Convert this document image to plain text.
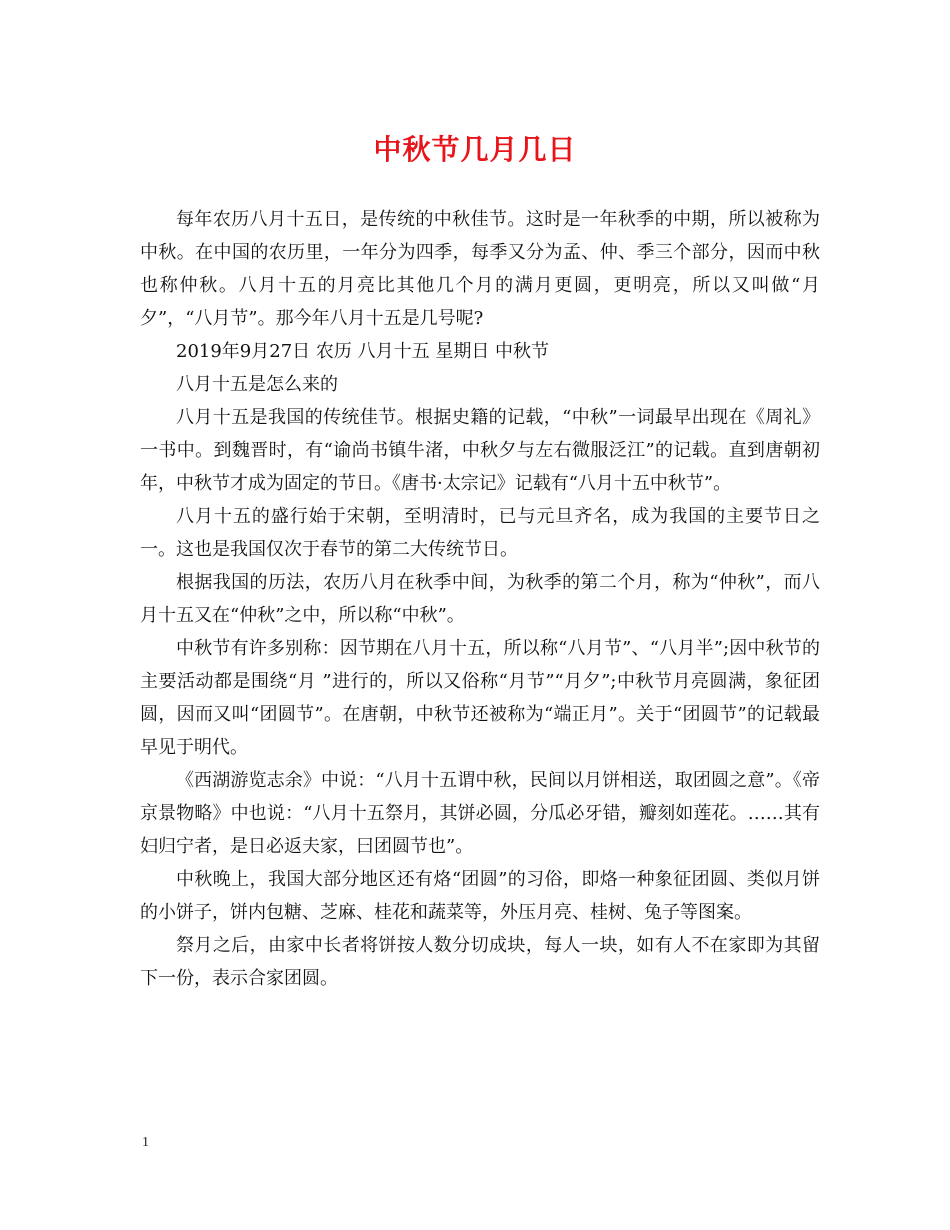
中秋节几月几日

每年农历八月十五日，是传统的中秋佳节。这时是一年秋季的中期，所以被称为中秋。在中国的农历里，一年分为四季，每季又分为孟、仲、季三个部分，因而中秋也称仲秋。八月十五的月亮比其他几个月的满月更圆，更明亮，所以又叫做“月夕”，“八月节”。那今年八月十五是几号呢?

2019年9月27日 农历 八月十五 星期日 中秋节

八月十五是怎么来的

八月十五是我国的传统佳节。根据史籍的记载，“中秋”一词最早出现在《周礼》一书中。到魏晋时，有“谕尚书镇牛渚，中秋夕与左右微服泛江”的记载。直到唐朝初年，中秋节才成为固定的节日。《唐书·太宗记》记载有“八月十五中秋节”。

八月十五的盛行始于宋朝，至明清时，已与元旦齐名，成为我国的主要节日之一。这也是我国仅次于春节的第二大传统节日。

根据我国的历法，农历八月在秋季中间，为秋季的第二个月，称为“仲秋”，而八月十五又在“仲秋”之中，所以称“中秋”。

中秋节有许多别称：因节期在八月十五，所以称“八月节”、“八月半”;因中秋节的主要活动都是围绕“月 ”进行的，所以又俗称“月节”“月夕”;中秋节月亮圆满，象征团圆，因而又叫“团圆节”。在唐朝，中秋节还被称为“端正月”。关于“团圆节”的记载最早见于明代。

《西湖游览志余》中说：“八月十五谓中秋，民间以月饼相送，取团圆之意”。《帝京景物略》中也说：“八月十五祭月，其饼必圆，分瓜必牙错，瓣刻如莲花。……其有妇归宁者，是日必返夫家，曰团圆节也”。

中秋晚上，我国大部分地区还有烙“团圆”的习俗，即烙一种象征团圆、类似月饼的小饼子，饼内包糖、芝麻、桂花和蔬菜等，外压月亮、桂树、兔子等图案。

祭月之后，由家中长者将饼按人数分切成块，每人一块，如有人不在家即为其留下一份，表示合家团圆。

1
